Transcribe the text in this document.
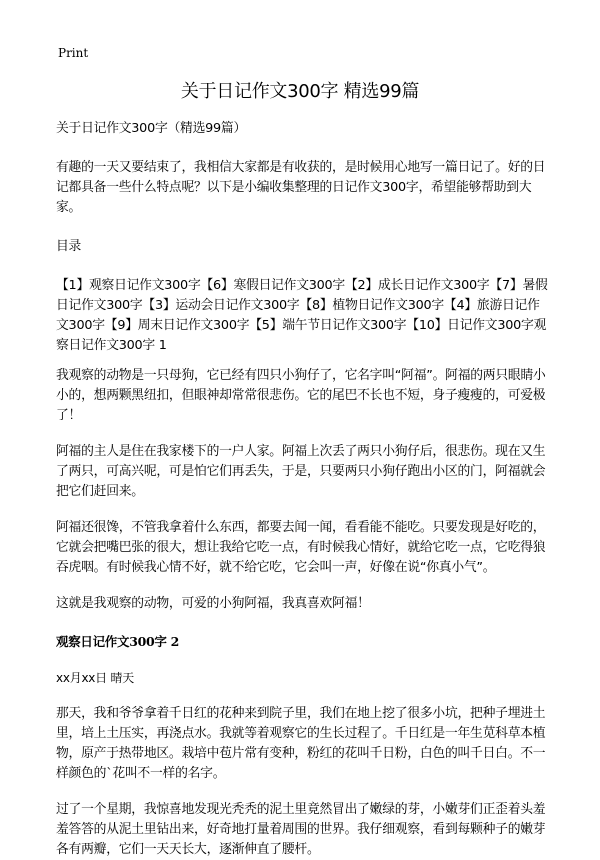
Print
关于日记作文300字 精选99篇

关于日记作文300字（精选99篇）

有趣的一天又要结束了，我相信大家都是有收获的，是时候用心地写一篇日记了。好的日记都具备一些什么特点呢？以下是小编收集整理的日记作文300字，希望能够帮助到大家。

目录

【1】观察日记作文300字【6】寒假日记作文300字【2】成长日记作文300字【7】暑假日记作文300字【3】运动会日记作文300字【8】植物日记作文300字【4】旅游日记作文300字【9】周末日记作文300字【5】端午节日记作文300字【10】日记作文300字观察日记作文300字 1

我观察的动物是一只母狗，它已经有四只小狗仔了，它名字叫“阿福”。阿福的两只眼睛小小的，想两颗黑纽扣，但眼神却常常很悲伤。它的尾巴不长也不短，身子瘦瘦的，可爱极了！

阿福的主人是住在我家楼下的一户人家。阿福上次丢了两只小狗仔后，很悲伤。现在又生了两只，可高兴呢，可是怕它们再丢失，于是，只要两只小狗仔跑出小区的门，阿福就会把它们赶回来。

阿福还很馋，不管我拿着什么东西，都要去闻一闻，看看能不能吃。只要发现是好吃的，它就会把嘴巴张的很大，想让我给它吃一点，有时候我心情好，就给它吃一点，它吃得狼吞虎咽。有时候我心情不好，就不给它吃，它会叫一声，好像在说“你真小气”。

这就是我观察的动物，可爱的小狗阿福，我真喜欢阿福！

观察日记作文300字 2

xx月xx日 晴天

那天，我和爷爷拿着千日红的花种来到院子里，我们在地上挖了很多小坑，把种子埋进土里，培上土压实，再浇点水。我就等着观察它的生长过程了。千日红是一年生苋科草本植物，原产于热带地区。栽培中苞片常有变种，粉红的花叫千日粉，白色的叫千日白。不一样颜色的`花叫不一样的名字。

过了一个星期，我惊喜地发现光秃秃的泥土里竟然冒出了嫩绿的芽，小嫩芽们正歪着头羞羞答答的从泥土里钻出来，好奇地打量着周围的世界。我仔细观察，看到每颗种子的嫩芽各有两瓣，它们一天天长大，逐渐伸直了腰杆。
